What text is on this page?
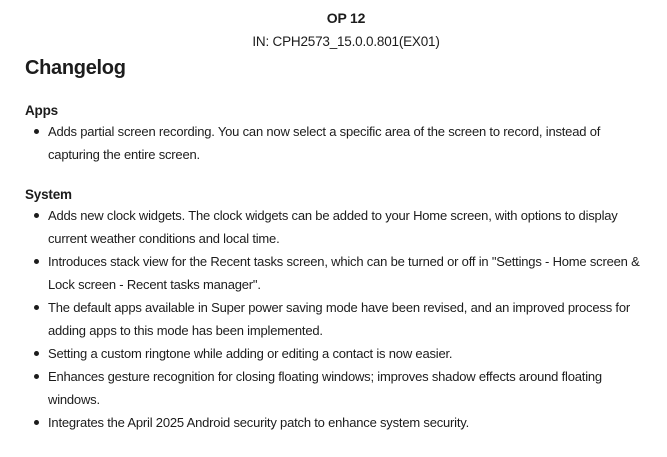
OP 12
IN: CPH2573_15.0.0.801(EX01)
Changelog
Apps
Adds partial screen recording. You can now select a specific area of the screen to record, instead of capturing the entire screen.
System
Adds new clock widgets. The clock widgets can be added to your Home screen, with options to display current weather conditions and local time.
Introduces stack view for the Recent tasks screen, which can be turned or off in "Settings - Home screen & Lock screen - Recent tasks manager".
The default apps available in Super power saving mode have been revised, and an improved process for adding apps to this mode has been implemented.
Setting a custom ringtone while adding or editing a contact is now easier.
Enhances gesture recognition for closing floating windows; improves shadow effects around floating windows.
Integrates the April 2025 Android security patch to enhance system security.
